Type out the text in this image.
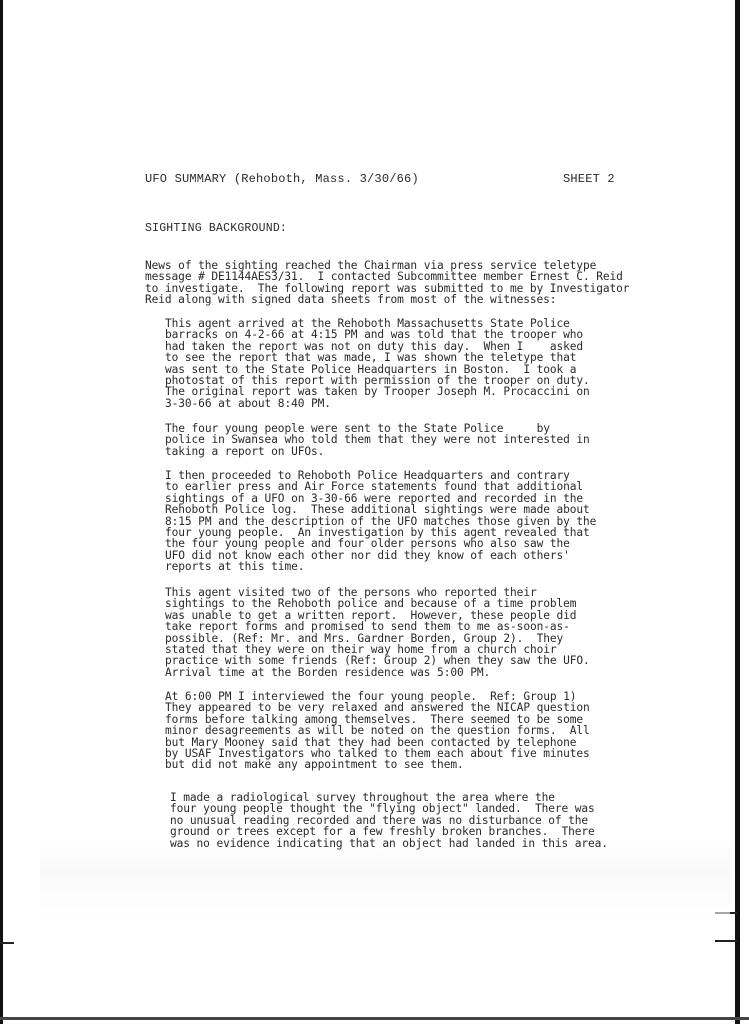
UFO SUMMARY (Rehoboth, Mass. 3/30/66)	SHEET 2
SIGHTING BACKGROUND:
News of the sighting reached the Chairman via press service teletype
message # DE1144AES3/31.  I contacted Subcommittee member Ernest C. Reid
to investigate.  The following report was submitted to me by Investigator
Reid along with signed data sheets from most of the witnesses:
This agent arrived at the Rehoboth Massachusetts State Police
barracks on 4-2-66 at 4:15 PM and was told that the trooper who
had taken the report was not on duty this day.  When I    asked
to see the report that was made, I was shown the teletype that
was sent to the State Police Headquarters in Boston.  I took a
photostat of this report with permission of the trooper on duty.
The original report was taken by Trooper Joseph M. Procaccini on
3-30-66 at about 8:40 PM.
The four young people were sent to the State Police     by
police in Swansea who told them that they were not interested in
taking a report on UFOs.
I then proceeded to Rehoboth Police Headquarters and contrary
to earlier press and Air Force statements found that additional
sightings of a UFO on 3-30-66 were reported and recorded in the
Rehoboth Police log.  These additional sightings were made about
8:15 PM and the description of the UFO matches those given by the
four young people.  An investigation by this agent revealed that
the four young people and four older persons who also saw the
UFO did not know each other nor did they know of each others'
reports at this time.
This agent visited two of the persons who reported their
sightings to the Rehoboth police and because of a time problem
was unable to get a written report.  However, these people did
take report forms and promised to send them to me as-soon-as-
possible. (Ref: Mr. and Mrs. Gardner Borden, Group 2).  They
stated that they were on their way home from a church choir
practice with some friends (Ref: Group 2) when they saw the UFO.
Arrival time at the Borden residence was 5:00 PM.
At 6:00 PM I interviewed the four young people.  Ref: Group 1)
They appeared to be very relaxed and answered the NICAP question
forms before talking among themselves.  There seemed to be some
minor desagreements as will be noted on the question forms.  All
but Mary Mooney said that they had been contacted by telephone
by USAF Investigators who talked to them each about five minutes
but did not make any appointment to see them.
I made a radiological survey throughout the area where the
four young people thought the "flying object" landed.  There was
no unusual reading recorded and there was no disturbance of the
ground or trees except for a few freshly broken branches.  There
was no evidence indicating that an object had landed in this area.
